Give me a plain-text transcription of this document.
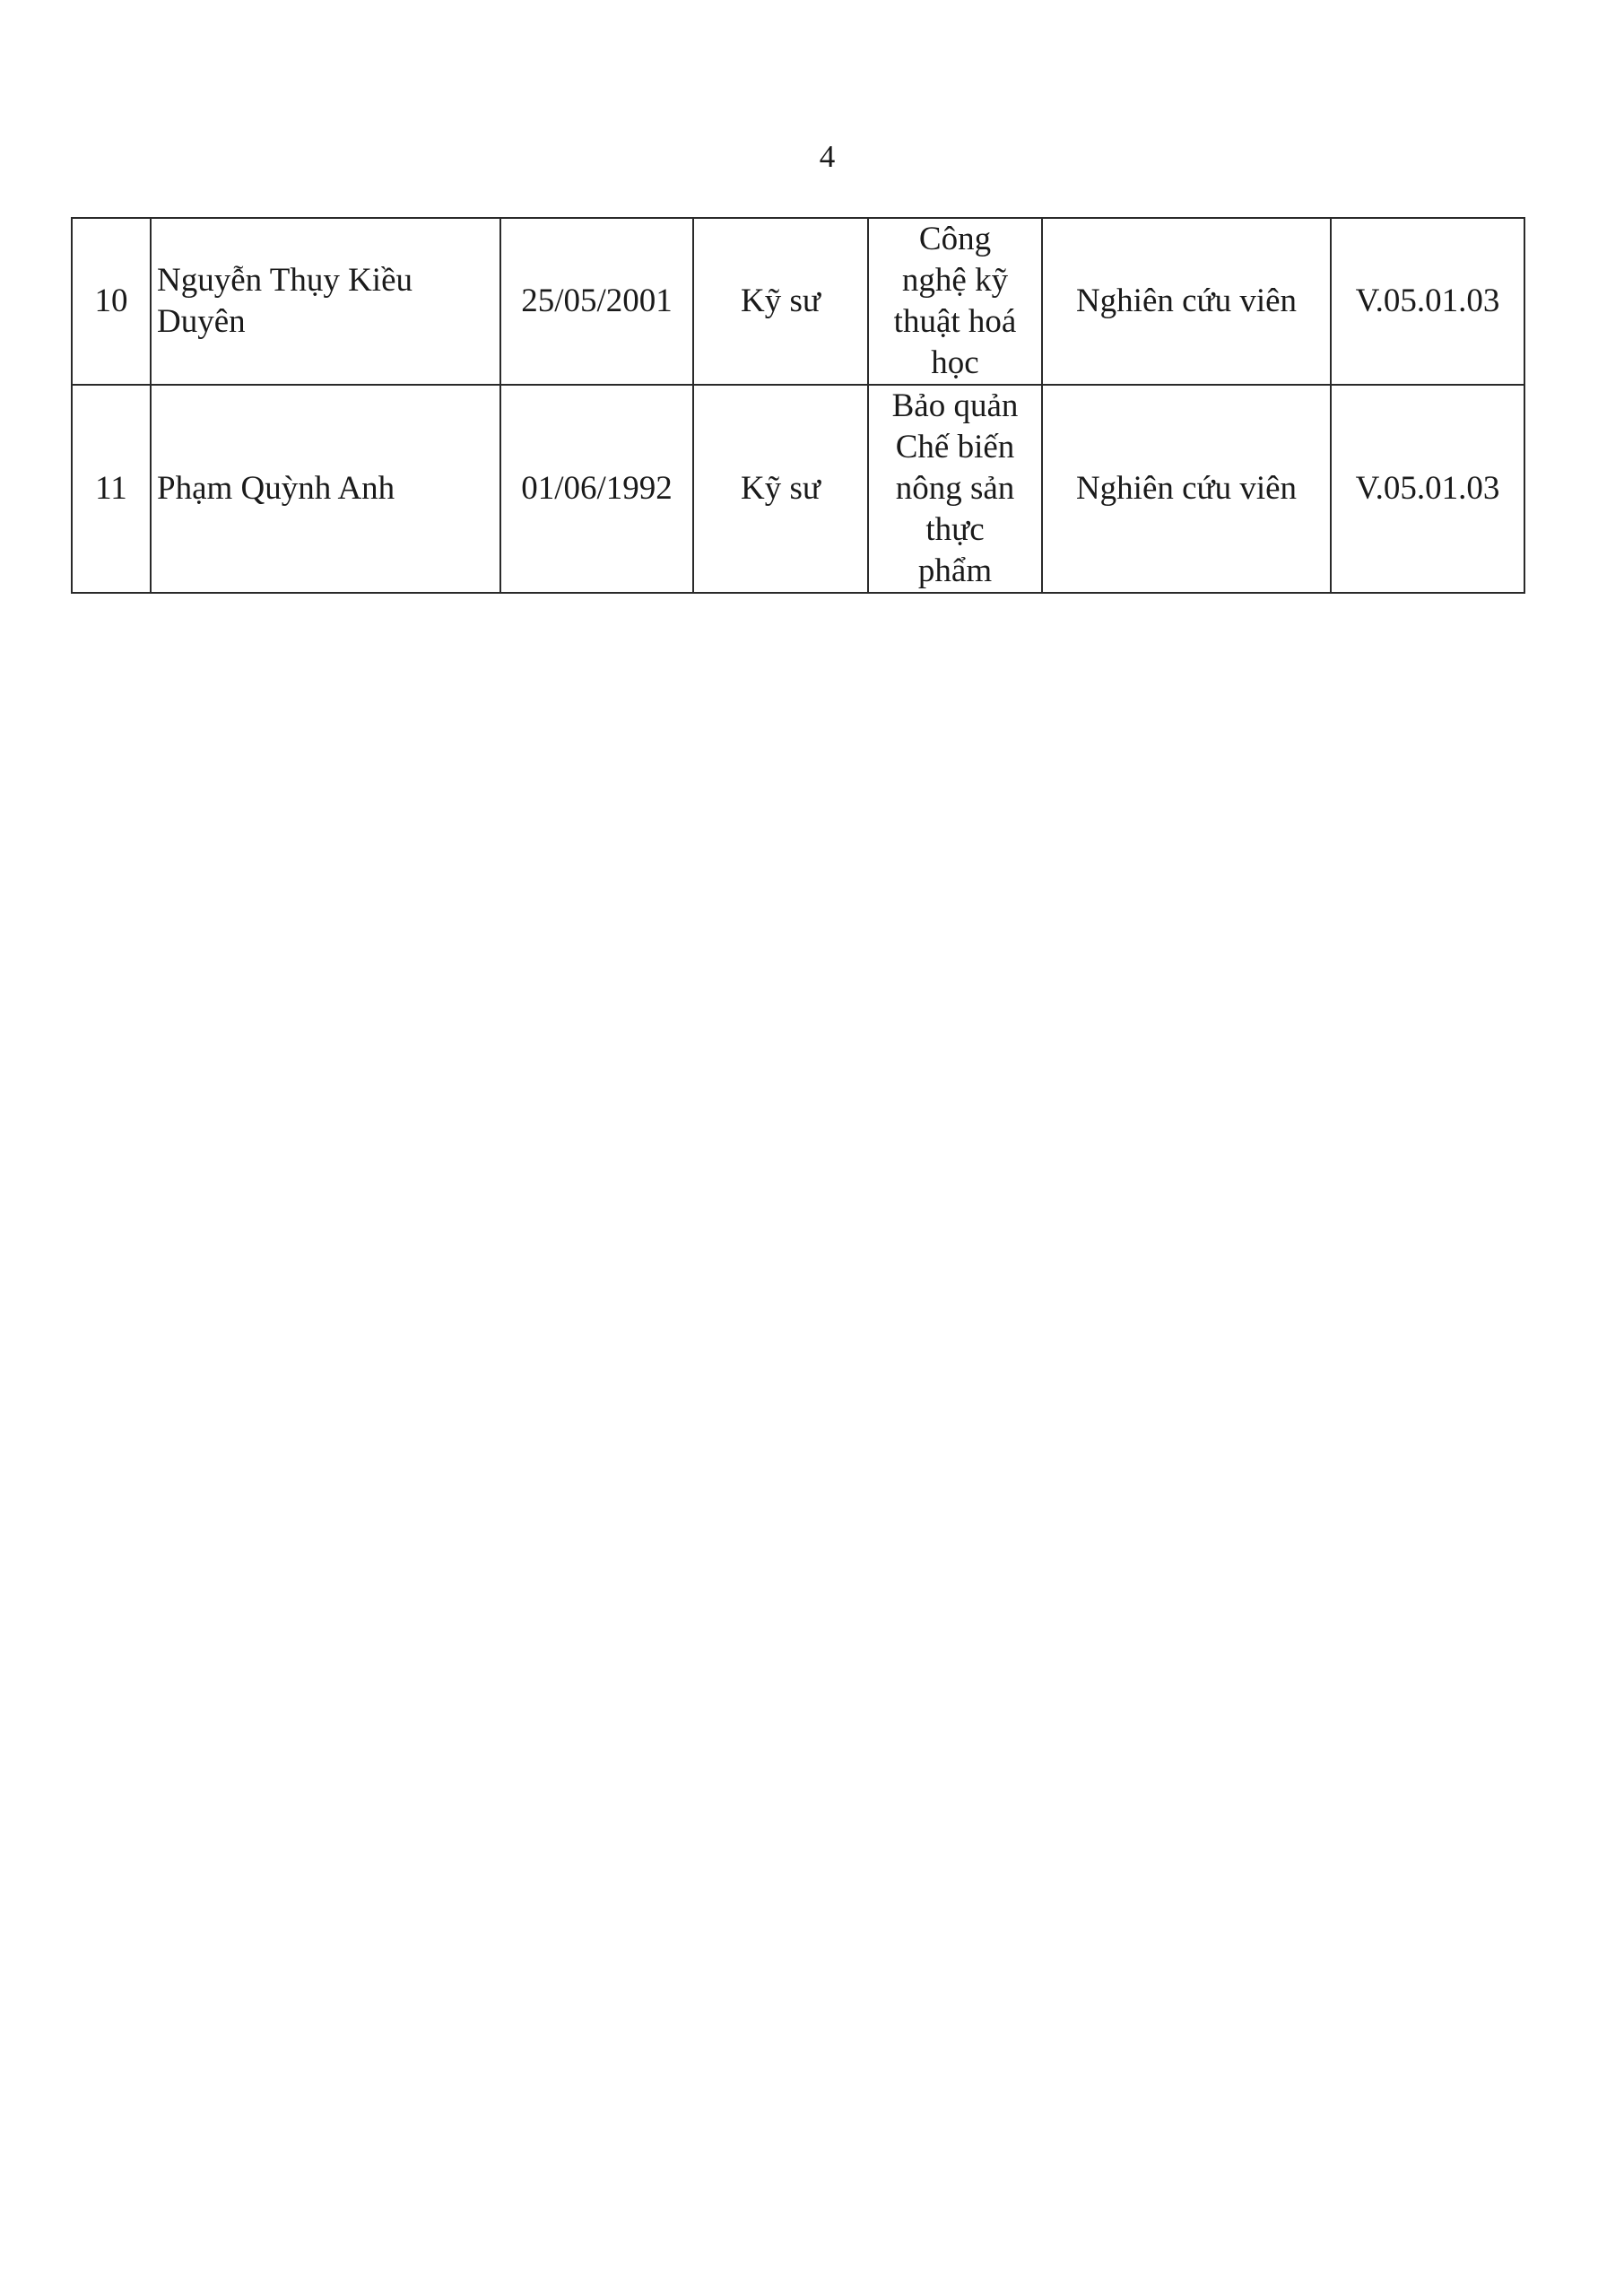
4
10	Nguyễn Thụy Kiều
Duyên	25/05/2001	Kỹ sư	Công
nghệ kỹ
thuật hoá
học	Nghiên cứu viên	V.05.01.03
11	Phạm Quỳnh Anh	01/06/1992	Kỹ sư	Bảo quản
Chế biến
nông sản
thực
phẩm	Nghiên cứu viên	V.05.01.03
